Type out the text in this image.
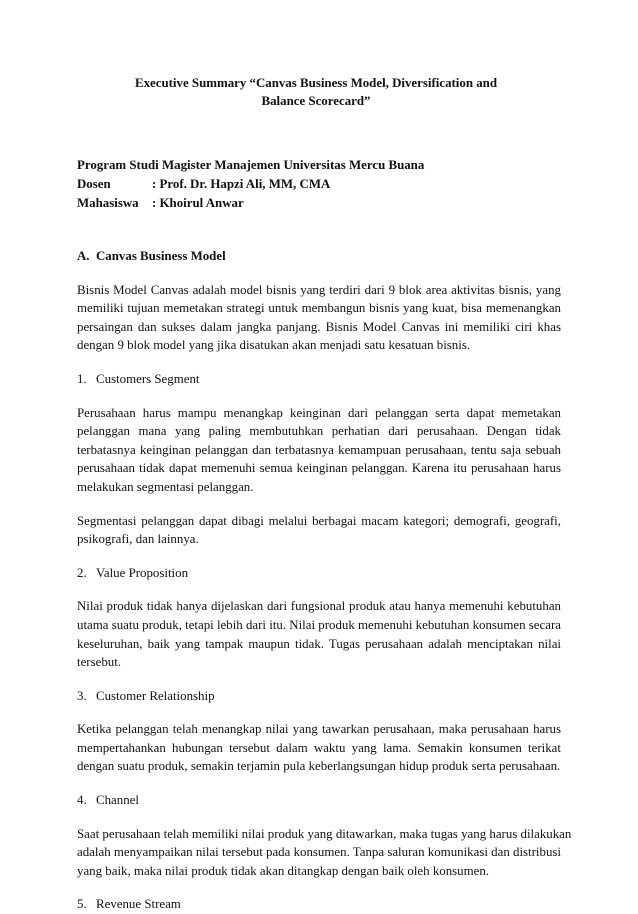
Executive Summary “Canvas Business Model, Diversification and
Balance Scorecard”
Program Studi Magister Manajemen Universitas Mercu Buana
Dosen	: Prof. Dr. Hapzi Ali, MM, CMA
Mahasiswa	: Khoirul Anwar
A. Canvas Business Model
Bisnis Model Canvas adalah model bisnis yang terdiri dari 9 blok area aktivitas bisnis, yang
memiliki tujuan memetakan strategi untuk membangun bisnis yang kuat, bisa memenangkan
persaingan dan sukses dalam jangka panjang. Bisnis Model Canvas ini memiliki ciri khas
dengan 9 blok model yang jika disatukan akan menjadi satu kesatuan bisnis.
1. Customers Segment
Perusahaan harus mampu menangkap keinginan dari pelanggan serta dapat memetakan
pelanggan mana yang paling membutuhkan perhatian dari perusahaan. Dengan tidak
terbatasnya keinginan pelanggan dan terbatasnya kemampuan perusahaan, tentu saja sebuah
perusahaan tidak dapat memenuhi semua keinginan pelanggan. Karena itu perusahaan harus
melakukan segmentasi pelanggan.
Segmentasi pelanggan dapat dibagi melalui berbagai macam kategori; demografi, geografi,
psikografi, dan lainnya.
2. Value Proposition
Nilai produk tidak hanya dijelaskan dari fungsional produk atau hanya memenuhi kebutuhan
utama suatu produk, tetapi lebih dari itu. Nilai produk memenuhi kebutuhan konsumen secara
keseluruhan, baik yang tampak maupun tidak. Tugas perusahaan adalah menciptakan nilai
tersebut.
3. Customer Relationship
Ketika pelanggan telah menangkap nilai yang tawarkan perusahaan, maka perusahaan harus
mempertahankan hubungan tersebut dalam waktu yang lama. Semakin konsumen terikat
dengan suatu produk, semakin terjamin pula keberlangsungan hidup produk serta perusahaan.
4. Channel
Saat perusahaan telah memiliki nilai produk yang ditawarkan, maka tugas yang harus dilakukan
adalah menyampaikan nilai tersebut pada konsumen. Tanpa saluran komunikasi dan distribusi
yang baik, maka nilai produk tidak akan ditangkap dengan baik oleh konsumen.
5. Revenue Stream
